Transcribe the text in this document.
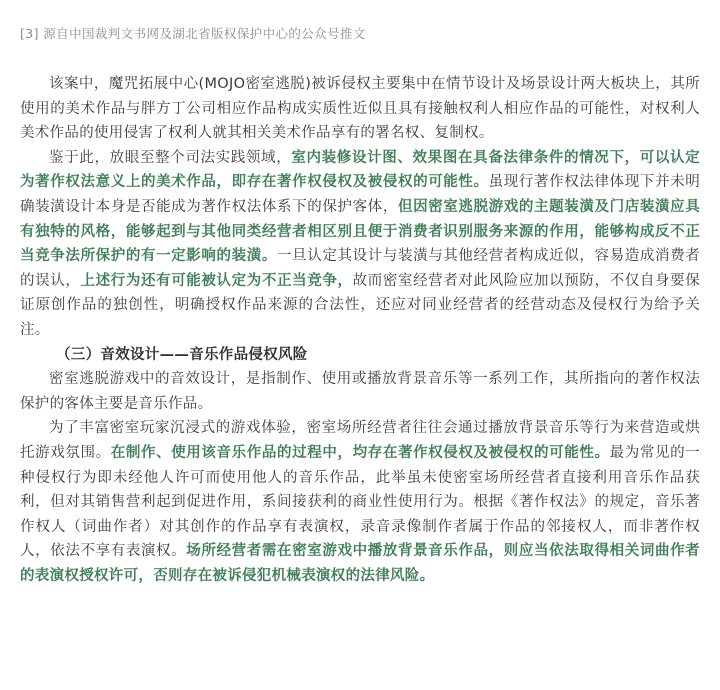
[3] 源自中国裁判文书网及湖北省版权保护中心的公众号推文

该案中，魔咒拓展中心(MOJO密室逃脱)被诉侵权主要集中在情节设计及场景设计两大板块上，其所使用的美术作品与胖方丁公司相应作品构成实质性近似且具有接触权利人相应作品的可能性，对权利人美术作品的使用侵害了权利人就其相关美术作品享有的署名权、复制权。

鉴于此，放眼至整个司法实践领域，室内装修设计图、效果图在具备法律条件的情况下，可以认定为著作权法意义上的美术作品，即存在著作权侵权及被侵权的可能性。虽现行著作权法律体现下并未明确装潢设计本身是否能成为著作权法体系下的保护客体，但因密室逃脱游戏的主题装潢及门店装潢应具有独特的风格，能够起到与其他同类经营者相区别且便于消费者识别服务来源的作用，能够构成反不正当竞争法所保护的有一定影响的装潢。一旦认定其设计与装潢与其他经营者构成近似，容易造成消费者的误认，上述行为还有可能被认定为不正当竞争，故而密室经营者对此风险应加以预防，不仅自身要保证原创作品的独创性，明确授权作品来源的合法性，还应对同业经营者的经营动态及侵权行为给予关注。

（三）音效设计——音乐作品侵权风险

密室逃脱游戏中的音效设计，是指制作、使用或播放背景音乐等一系列工作，其所指向的著作权法保护的客体主要是音乐作品。

为了丰富密室玩家沉浸式的游戏体验，密室场所经营者往往会通过播放背景音乐等行为来营造或烘托游戏氛围。在制作、使用该音乐作品的过程中，均存在著作权侵权及被侵权的可能性。最为常见的一种侵权行为即未经他人许可而使用他人的音乐作品，此举虽未使密室场所经营者直接利用音乐作品获利，但对其销售营利起到促进作用，系间接获利的商业性使用行为。根据《著作权法》的规定，音乐著作权人（词曲作者）对其创作的作品享有表演权，录音录像制作者属于作品的邻接权人，而非著作权人，依法不享有表演权。场所经营者需在密室游戏中播放背景音乐作品，则应当依法取得相关词曲作者的表演权授权许可，否则存在被诉侵犯机械表演权的法律风险。
